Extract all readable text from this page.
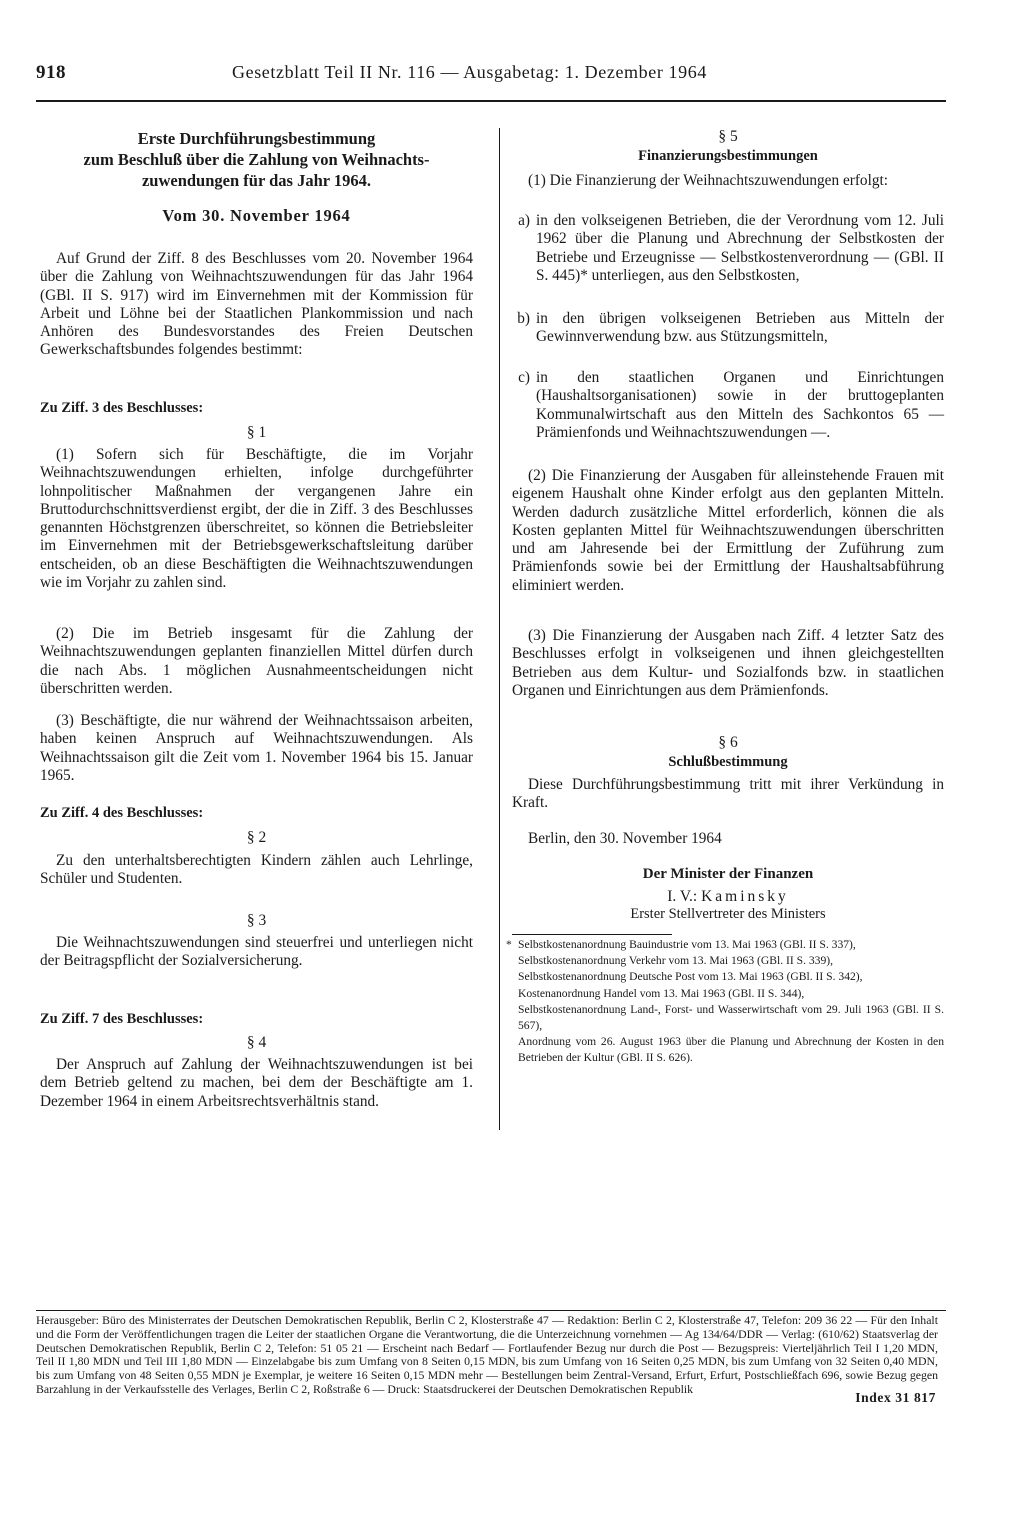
918	Gesetzblatt Teil II Nr. 116 — Ausgabetag: 1. Dezember 1964

Erste Durchführungsbestimmung

zum Beschluß über die Zahlung von Weihnachts-

zuwendungen für das Jahr 1964.

Vom 30. November 1964

Auf Grund der Ziff. 8 des Beschlusses vom 20. November 1964 über die Zahlung von Weihnachtszuwendungen für das Jahr 1964 (GBl. II S. 917) wird im Einvernehmen mit der Kommission für Arbeit und Löhne bei der Staatlichen Plankommission und nach Anhören des Bundesvorstandes des Freien Deutschen Gewerkschaftsbundes folgendes bestimmt:

Zu Ziff. 3 des Beschlusses:
§ 1

(1) Sofern sich für Beschäftigte, die im Vorjahr Weihnachtszuwendungen erhielten, infolge durchgeführter lohnpolitischer Maßnahmen der vergangenen Jahre ein Bruttodurchschnittsverdienst ergibt, der die in Ziff. 3 des Beschlusses genannten Höchstgrenzen überschreitet, so können die Betriebsleiter im Einvernehmen mit der Betriebsgewerkschaftsleitung darüber entscheiden, ob an diese Beschäftigten die Weihnachtszuwendungen wie im Vorjahr zu zahlen sind.

(2) Die im Betrieb insgesamt für die Zahlung der Weihnachtszuwendungen geplanten finanziellen Mittel dürfen durch die nach Abs. 1 möglichen Ausnahmeentscheidungen nicht überschritten werden.

(3) Beschäftigte, die nur während der Weihnachtssaison arbeiten, haben keinen Anspruch auf Weihnachtszuwendungen. Als Weihnachtssaison gilt die Zeit vom 1. November 1964 bis 15. Januar 1965.

Zu Ziff. 4 des Beschlusses:
§ 2

Zu den unterhaltsberechtigten Kindern zählen auch Lehrlinge, Schüler und Studenten.

§ 3

Die Weihnachtszuwendungen sind steuerfrei und unterliegen nicht der Beitragspflicht der Sozialversicherung.

Zu Ziff. 7 des Beschlusses:
§ 4

Der Anspruch auf Zahlung der Weihnachtszuwendungen ist bei dem Betrieb geltend zu machen, bei dem der Beschäftigte am 1. Dezember 1964 in einem Arbeitsrechtsverhältnis stand.

§ 5
Finanzierungsbestimmungen

(1) Die Finanzierung der Weihnachtszuwendungen erfolgt:

a) in den volkseigenen Betrieben, die der Verordnung vom 12. Juli 1962 über die Planung und Abrechnung der Selbstkosten der Betriebe und Erzeugnisse — Selbstkostenverordnung — (GBl. II S. 445)* unterliegen, aus den Selbstkosten,

b) in den übrigen volkseigenen Betrieben aus Mitteln der Gewinnverwendung bzw. aus Stützungsmitteln,

c) in den staatlichen Organen und Einrichtungen (Haushaltsorganisationen) sowie in der bruttogeplanten Kommunalwirtschaft aus den Mitteln des Sachkontos 65 — Prämienfonds und Weihnachtszuwendungen —.

(2) Die Finanzierung der Ausgaben für alleinstehende Frauen mit eigenem Haushalt ohne Kinder erfolgt aus den geplanten Mitteln. Werden dadurch zusätzliche Mittel erforderlich, können die als Kosten geplanten Mittel für Weihnachtszuwendungen überschritten und am Jahresende bei der Ermittlung der Zuführung zum Prämienfonds sowie bei der Ermittlung der Haushaltsabführung eliminiert werden.

(3) Die Finanzierung der Ausgaben nach Ziff. 4 letzter Satz des Beschlusses erfolgt in volkseigenen und ihnen gleichgestellten Betrieben aus dem Kultur- und Sozialfonds bzw. in staatlichen Organen und Einrichtungen aus dem Prämienfonds.

§ 6
Schlußbestimmung

Diese Durchführungsbestimmung tritt mit ihrer Verkündung in Kraft.

Berlin, den 30. November 1964

Der Minister der Finanzen
I. V.: Kaminsky
Erster Stellvertreter des Ministers

* Selbstkostenanordnung Bauindustrie vom 13. Mai 1963 (GBl. II S. 337),

Selbstkostenanordnung Verkehr vom 13. Mai 1963 (GBl. II S. 339),

Selbstkostenanordnung Deutsche Post vom 13. Mai 1963 (GBl. II S. 342),

Kostenanordnung Handel vom 13. Mai 1963 (GBl. II S. 344),

Selbstkostenanordnung Land-, Forst- und Wasserwirtschaft vom 29. Juli 1963 (GBl. II S. 567),

Anordnung vom 26. August 1963 über die Planung und Abrechnung der Kosten in den Betrieben der Kultur (GBl. II S. 626).

Herausgeber: Büro des Ministerrates der Deutschen Demokratischen Republik, Berlin C 2, Klosterstraße 47 — Redaktion: Berlin C 2, Klosterstraße 47, Telefon: 209 36 22 — Für den Inhalt und die Form der Veröffentlichungen tragen die Leiter der staatlichen Organe die Verantwortung, die die Unterzeichnung vornehmen — Ag 134/64/DDR — Verlag: (610/62) Staatsverlag der Deutschen Demokratischen Republik, Berlin C 2, Telefon: 51 05 21 — Erscheint nach Bedarf — Fortlaufender Bezug nur durch die Post — Bezugspreis: Vierteljährlich Teil I 1,20 MDN, Teil II 1,80 MDN und Teil III 1,80 MDN — Einzelabgabe bis zum Umfang von 8 Seiten 0,15 MDN, bis zum Umfang von 16 Seiten 0,25 MDN, bis zum Umfang von 32 Seiten 0,40 MDN, bis zum Umfang von 48 Seiten 0,55 MDN je Exemplar, je weitere 16 Seiten 0,15 MDN mehr — Bestellungen beim Zentral-Versand, Erfurt, Erfurt, Postschließfach 696, sowie Bezug gegen Barzahlung in der Verkaufsstelle des Verlages, Berlin C 2, Roßstraße 6 — Druck: Staatsdruckerei der Deutschen Demokratischen Republik

Index 31 817
